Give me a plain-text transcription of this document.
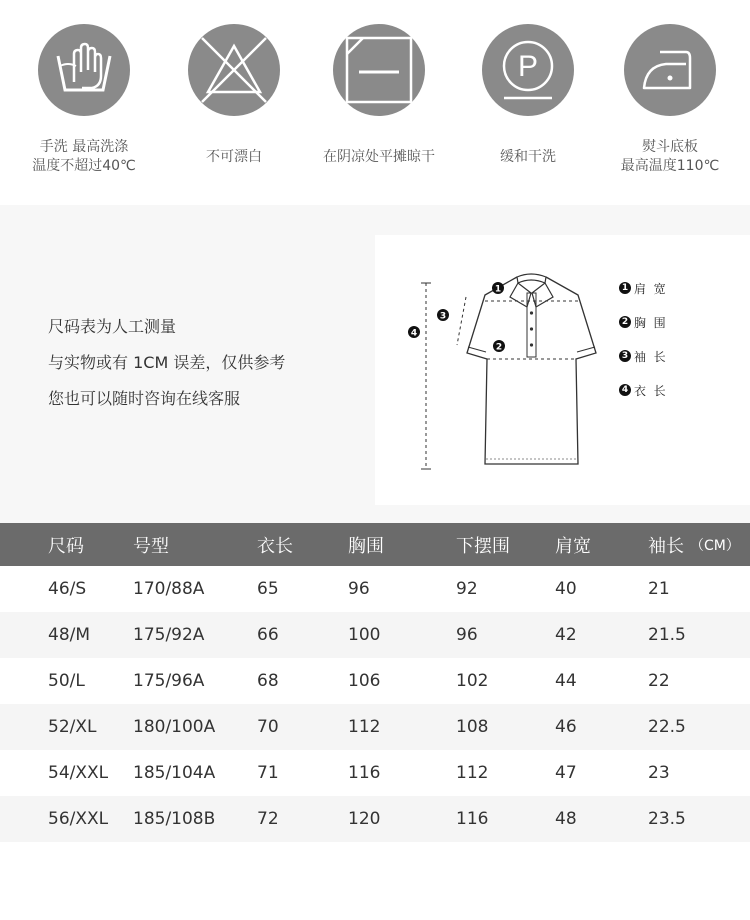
手洗 最高洗涤
温度不超过40℃
不可漂白	在阴凉处平摊晾干
P
缓和干洗
熨斗底板
最高温度110℃
尺码表为人工测量
与实物或有 1CM 误差，仅供参考
您也可以随时咨询在线客服
1
2
3
4
1 肩  宽
2 胸  围
3 袖  长
4 衣  长
尺码	号型	衣长	胸围	下摆围	肩宽	袖长 （CM）
46/S	170/88A	65	96	92	40	21
48/M	175/92A	66	100	96	42	21.5
50/L	175/96A	68	106	102	44	22
52/XL 180/100A 70	112	108	46	22.5
54/XXL 185/104A 71	116	112	47	23
56/XXL 185/108B 72	120	116	48	23.5
